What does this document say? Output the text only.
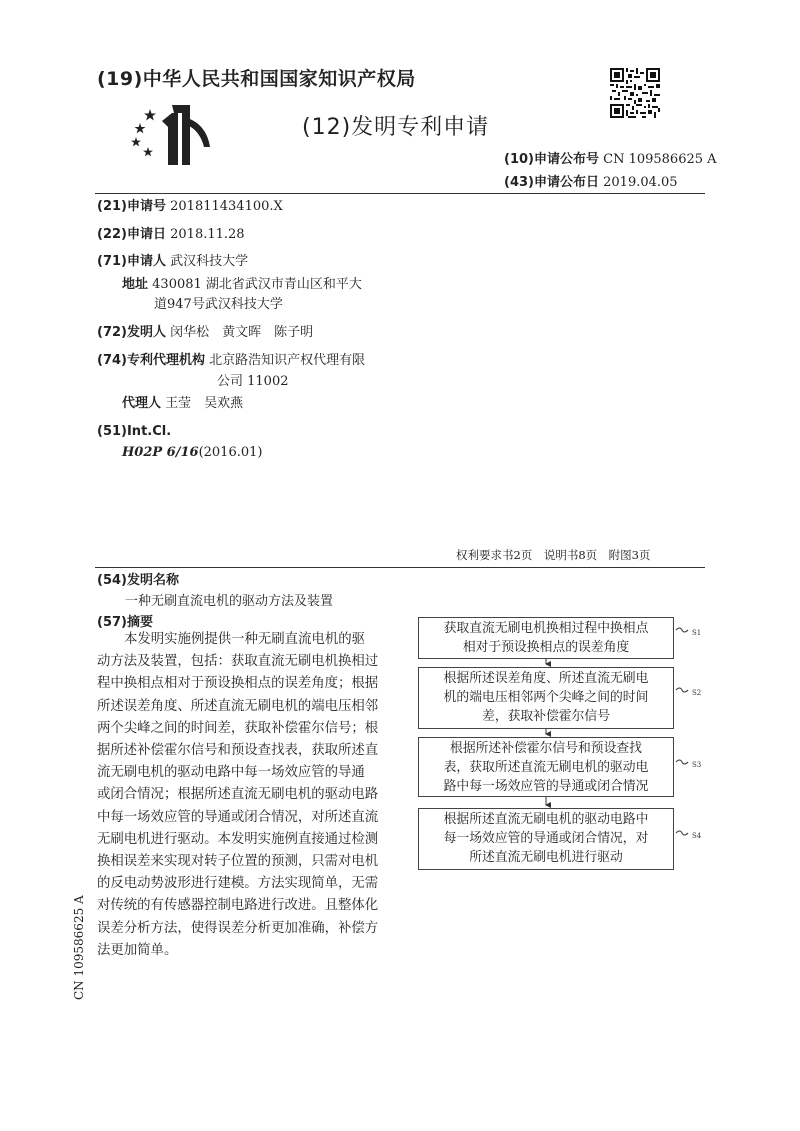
(19)中华人民共和国国家知识产权局
(12)发明专利申请
(10)申请公布号 CN 109586625 A
(43)申请公布日 2019.04.05
(21)申请号 201811434100.X
(22)申请日 2018.11.28
(71)申请人 武汉科技大学
地址 430081 湖北省武汉市青山区和平大
道947号武汉科技大学
(72)发明人 闵华松　黄文晖　陈子明
(74)专利代理机构 北京路浩知识产权代理有限
公司 11002
代理人 王莹　吴欢燕
(51)Int.Cl.
H02P 6/16(2016.01)
权利要求书2页　说明书8页　附图3页
(54)发明名称
一种无刷直流电机的驱动方法及装置
(57)摘要

本发明实施例提供一种无刷直流电机的驱

动方法及装置，包括：获取直流无刷电机换相过

程中换相点相对于预设换相点的误差角度；根据

所述误差角度、所述直流无刷电机的端电压相邻

两个尖峰之间的时间差，获取补偿霍尔信号；根

据所述补偿霍尔信号和预设查找表，获取所述直

流无刷电机的驱动电路中每一场效应管的导通

或闭合情况；根据所述直流无刷电机的驱动电路

中每一场效应管的导通或闭合情况，对所述直流

无刷电机进行驱动。本发明实施例直接通过检测

换相误差来实现对转子位置的预测，只需对电机

的反电动势波形进行建模。方法实现简单，无需

对传统的有传感器控制电路进行改进。且整体化

误差分析方法，使得误差分析更加准确，补偿方

法更加简单。

CN 109586625 A
获取直流无刷电机换相过程中换相点
相对于预设换相点的误差角度
根据所述误差角度、所述直流无刷电
机的端电压相邻两个尖峰之间的时间
差，获取补偿霍尔信号
根据所述补偿霍尔信号和预设查找
表，获取所述直流无刷电机的驱动电
路中每一场效应管的导通或闭合情况
根据所述直流无刷电机的驱动电路中
每一场效应管的导通或闭合情况，对
所述直流无刷电机进行驱动
S1
S2
S3
S4
